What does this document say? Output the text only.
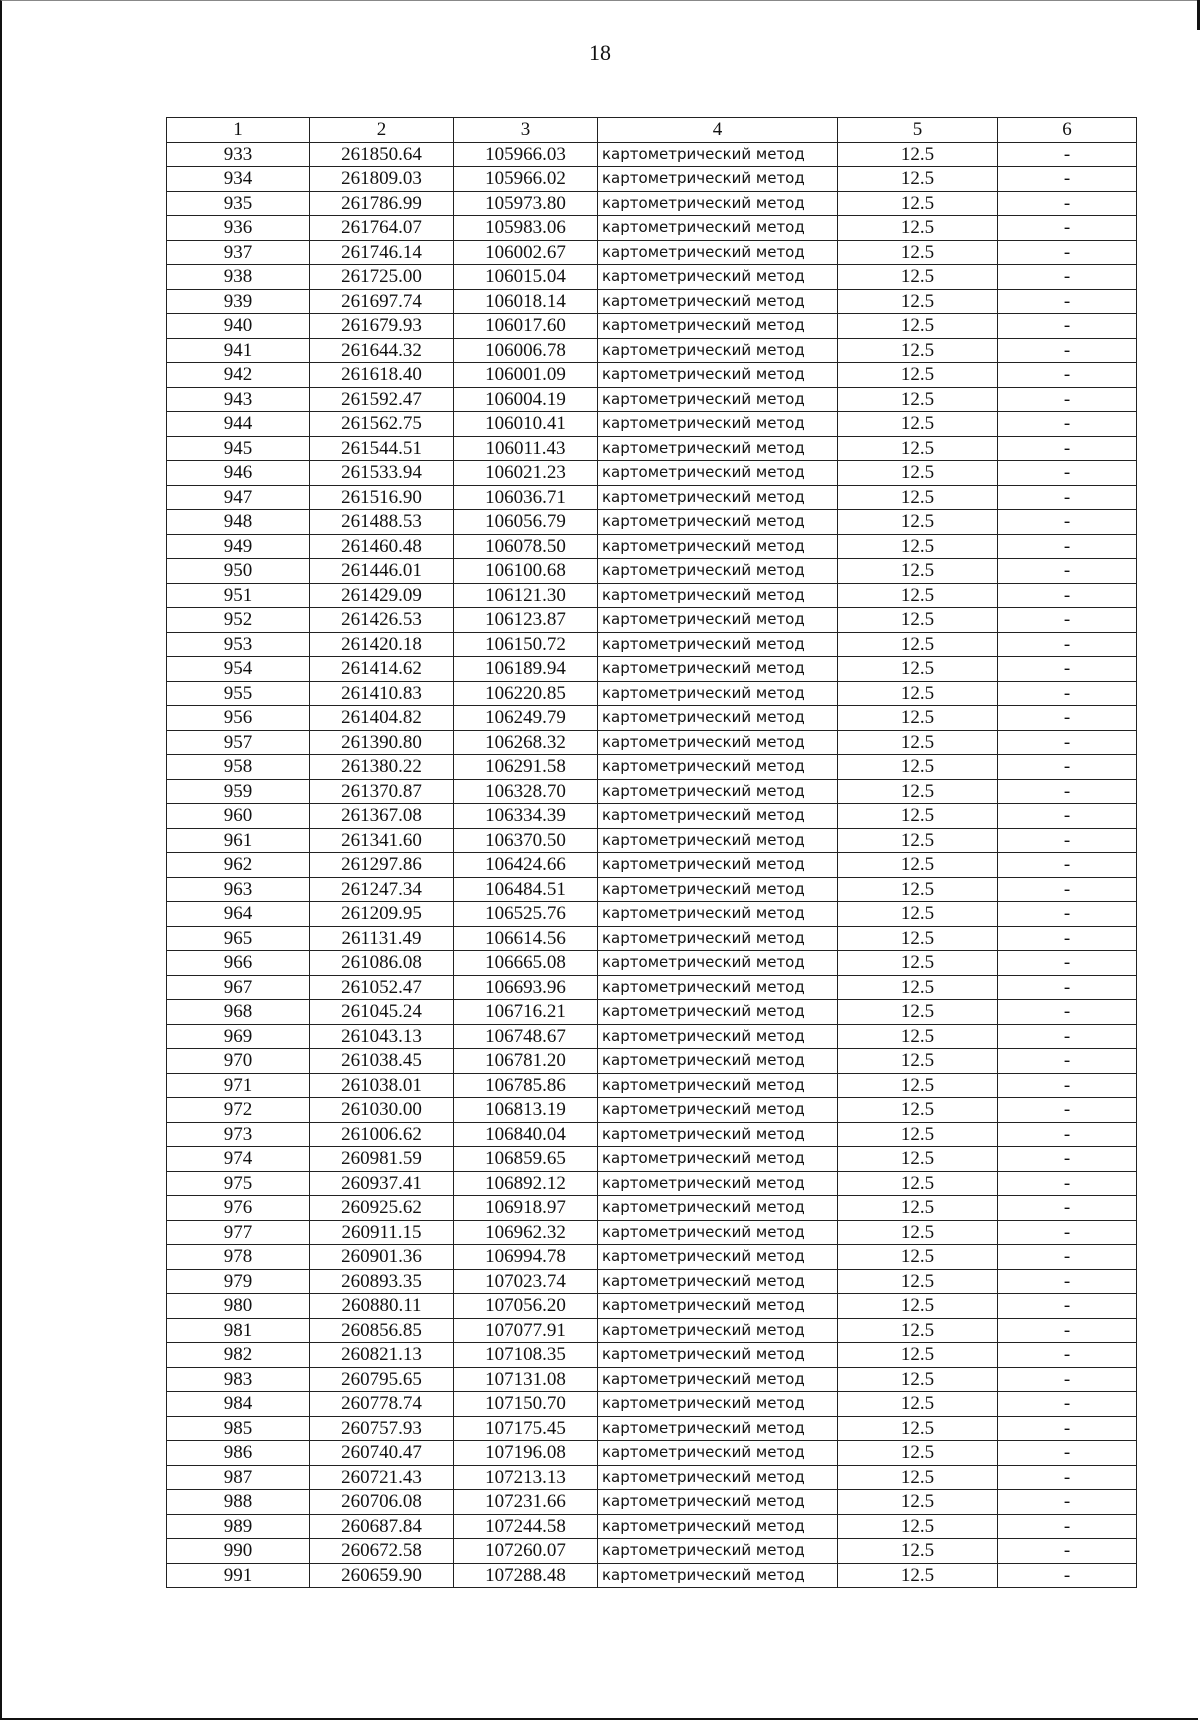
18
1	2	3	4	5	6
933	261850.64	105966.03	картометрический метод	12.5	-
934	261809.03	105966.02	картометрический метод	12.5	-
935	261786.99	105973.80	картометрический метод	12.5	-
936	261764.07	105983.06	картометрический метод	12.5	-
937	261746.14	106002.67	картометрический метод	12.5	-
938	261725.00	106015.04	картометрический метод	12.5	-
939	261697.74	106018.14	картометрический метод	12.5	-
940	261679.93	106017.60	картометрический метод	12.5	-
941	261644.32	106006.78	картометрический метод	12.5	-
942	261618.40	106001.09	картометрический метод	12.5	-
943	261592.47	106004.19	картометрический метод	12.5	-
944	261562.75	106010.41	картометрический метод	12.5	-
945	261544.51	106011.43	картометрический метод	12.5	-
946	261533.94	106021.23	картометрический метод	12.5	-
947	261516.90	106036.71	картометрический метод	12.5	-
948	261488.53	106056.79	картометрический метод	12.5	-
949	261460.48	106078.50	картометрический метод	12.5	-
950	261446.01	106100.68	картометрический метод	12.5	-
951	261429.09	106121.30	картометрический метод	12.5	-
952	261426.53	106123.87	картометрический метод	12.5	-
953	261420.18	106150.72	картометрический метод	12.5	-
954	261414.62	106189.94	картометрический метод	12.5	-
955	261410.83	106220.85	картометрический метод	12.5	-
956	261404.82	106249.79	картометрический метод	12.5	-
957	261390.80	106268.32	картометрический метод	12.5	-
958	261380.22	106291.58	картометрический метод	12.5	-
959	261370.87	106328.70	картометрический метод	12.5	-
960	261367.08	106334.39	картометрический метод	12.5	-
961	261341.60	106370.50	картометрический метод	12.5	-
962	261297.86	106424.66	картометрический метод	12.5	-
963	261247.34	106484.51	картометрический метод	12.5	-
964	261209.95	106525.76	картометрический метод	12.5	-
965	261131.49	106614.56	картометрический метод	12.5	-
966	261086.08	106665.08	картометрический метод	12.5	-
967	261052.47	106693.96	картометрический метод	12.5	-
968	261045.24	106716.21	картометрический метод	12.5	-
969	261043.13	106748.67	картометрический метод	12.5	-
970	261038.45	106781.20	картометрический метод	12.5	-
971	261038.01	106785.86	картометрический метод	12.5	-
972	261030.00	106813.19	картометрический метод	12.5	-
973	261006.62	106840.04	картометрический метод	12.5	-
974	260981.59	106859.65	картометрический метод	12.5	-
975	260937.41	106892.12	картометрический метод	12.5	-
976	260925.62	106918.97	картометрический метод	12.5	-
977	260911.15	106962.32	картометрический метод	12.5	-
978	260901.36	106994.78	картометрический метод	12.5	-
979	260893.35	107023.74	картометрический метод	12.5	-
980	260880.11	107056.20	картометрический метод	12.5	-
981	260856.85	107077.91	картометрический метод	12.5	-
982	260821.13	107108.35	картометрический метод	12.5	-
983	260795.65	107131.08	картометрический метод	12.5	-
984	260778.74	107150.70	картометрический метод	12.5	-
985	260757.93	107175.45	картометрический метод	12.5	-
986	260740.47	107196.08	картометрический метод	12.5	-
987	260721.43	107213.13	картометрический метод	12.5	-
988	260706.08	107231.66	картометрический метод	12.5	-
989	260687.84	107244.58	картометрический метод	12.5	-
990	260672.58	107260.07	картометрический метод	12.5	-
991	260659.90	107288.48	картометрический метод	12.5	-
